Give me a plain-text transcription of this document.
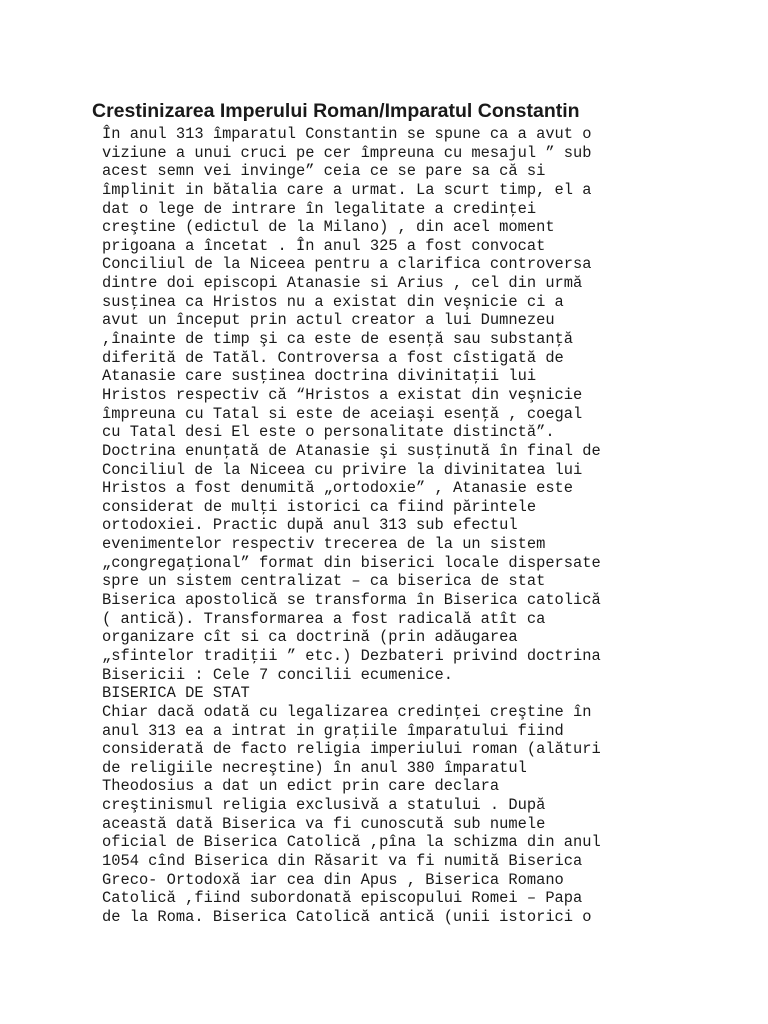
Crestinizarea Imperului Roman/Imparatul Constantin
În anul 313 împaratul Constantin se spune ca a avut o
viziune a unui cruci pe cer împreuna cu mesajul ” sub
acest semn vei invinge” ceia ce se pare sa că si
împlinit in bătalia care a urmat. La scurt timp, el a
dat o lege de intrare în legalitate a credinţei
creştine (edictul de la Milano) , din acel moment
prigoana a încetat . În anul 325 a fost convocat
Conciliul de la Niceea pentru a clarifica controversa
dintre doi episcopi Atanasie si Arius , cel din urmă
susţinea ca Hristos nu a existat din veşnicie ci a
avut un început prin actul creator a lui Dumnezeu
,înainte de timp şi ca este de esenţă sau substanţă
diferită de Tatăl. Controversa a fost cîstigată de
Atanasie care susţinea doctrina divinitaţii lui
Hristos respectiv că “Hristos a existat din veşnicie
împreuna cu Tatal si este de aceiaşi esenţă , coegal
cu Tatal desi El este o personalitate distinctă”.
Doctrina enunţată de Atanasie şi susţinută în final de
Conciliul de la Niceea cu privire la divinitatea lui
Hristos a fost denumită „ortodoxie” , Atanasie este
considerat de mulţi istorici ca fiind părintele
ortodoxiei. Practic după anul 313 sub efectul
evenimentelor respectiv trecerea de la un sistem
„congregaţional” format din biserici locale dispersate
spre un sistem centralizat – ca biserica de stat
Biserica apostolică se transforma în Biserica catolică
( antică). Transformarea a fost radicală atît ca
organizare cît si ca doctrină (prin adăugarea
„sfintelor tradiţii ” etc.) Dezbateri privind doctrina
Bisericii : Cele 7 concilii ecumenice.
BISERICA DE STAT
Chiar dacă odată cu legalizarea credinţei creştine în
anul 313 ea a intrat in graţiile împaratului fiind
considerată de facto religia imperiului roman (alături
de religiile necreştine) în anul 380 împaratul
Theodosius a dat un edict prin care declara
creştinismul religia exclusivă a statului . După
această dată Biserica va fi cunoscută sub numele
oficial de Biserica Catolică ,pîna la schizma din anul
1054 cînd Biserica din Răsarit va fi numită Biserica
Greco- Ortodoxă iar cea din Apus , Biserica Romano
Catolică ,fiind subordonată episcopului Romei – Papa
de la Roma. Biserica Catolică antică (unii istorici o
